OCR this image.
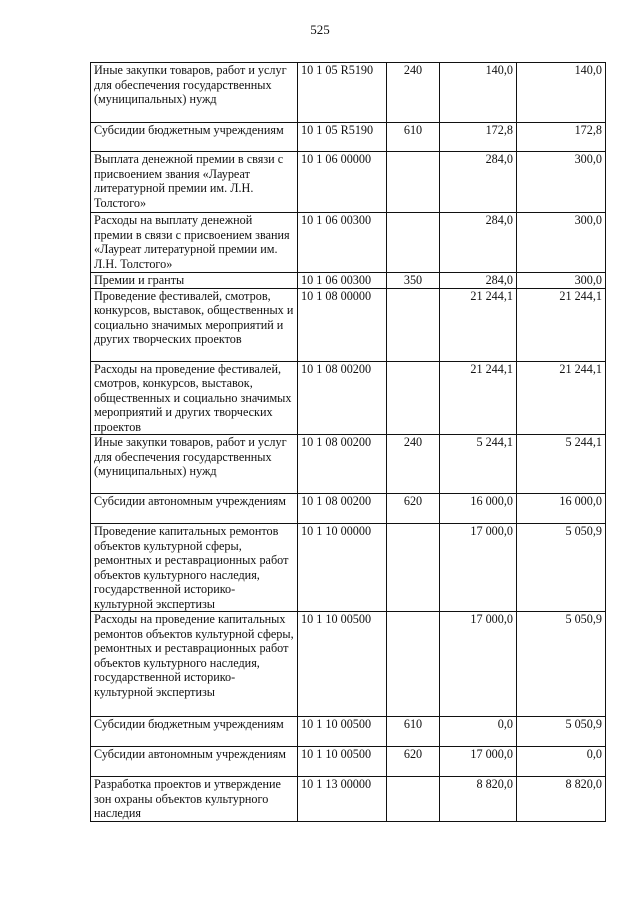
525
Иные закупки товаров, работ и услуг для обеспечения государственных (муниципальных) нужд	10 1 05 R5190	240	140,0	140,0
Субсидии бюджетным учреждениям	10 1 05 R5190	610	172,8	172,8
Выплата денежной премии в связи с присвоением звания «Лауреат литературной премии им. Л.Н. Толстого»	10 1 06 00000		284,0	300,0
Расходы на выплату денежной премии в связи с присвоением звания «Лауреат литературной премии им. Л.Н. Толстого»	10 1 06 00300		284,0	300,0
Премии и гранты	10 1 06 00300	350	284,0	300,0
Проведение фестивалей, смотров, конкурсов, выставок, общественных и социально значимых мероприятий и других творческих проектов	10 1 08 00000		21 244,1	21 244,1
Расходы на проведение фестивалей, смотров, конкурсов, выставок, общественных и социально значимых мероприятий и других творческих проектов	10 1 08 00200		21 244,1	21 244,1
Иные закупки товаров, работ и услуг для обеспечения государственных (муниципальных) нужд	10 1 08 00200	240	5 244,1	5 244,1
Субсидии автономным учреждениям	10 1 08 00200	620	16 000,0	16 000,0
Проведение капитальных ремонтов объектов культурной сферы, ремонтных и реставрационных работ объектов культурного наследия, государственной историко-культурной экспертизы	10 1 10 00000		17 000,0	5 050,9
Расходы на проведение капитальных ремонтов объектов культурной сферы, ремонтных и реставрационных работ объектов культурного наследия, государственной историко-культурной экспертизы	10 1 10 00500		17 000,0	5 050,9
Субсидии бюджетным учреждениям	10 1 10 00500	610	0,0	5 050,9
Субсидии автономным учреждениям	10 1 10 00500	620	17 000,0	0,0
Разработка проектов и утверждение зон охраны объектов культурного наследия	10 1 13 00000		8 820,0	8 820,0
